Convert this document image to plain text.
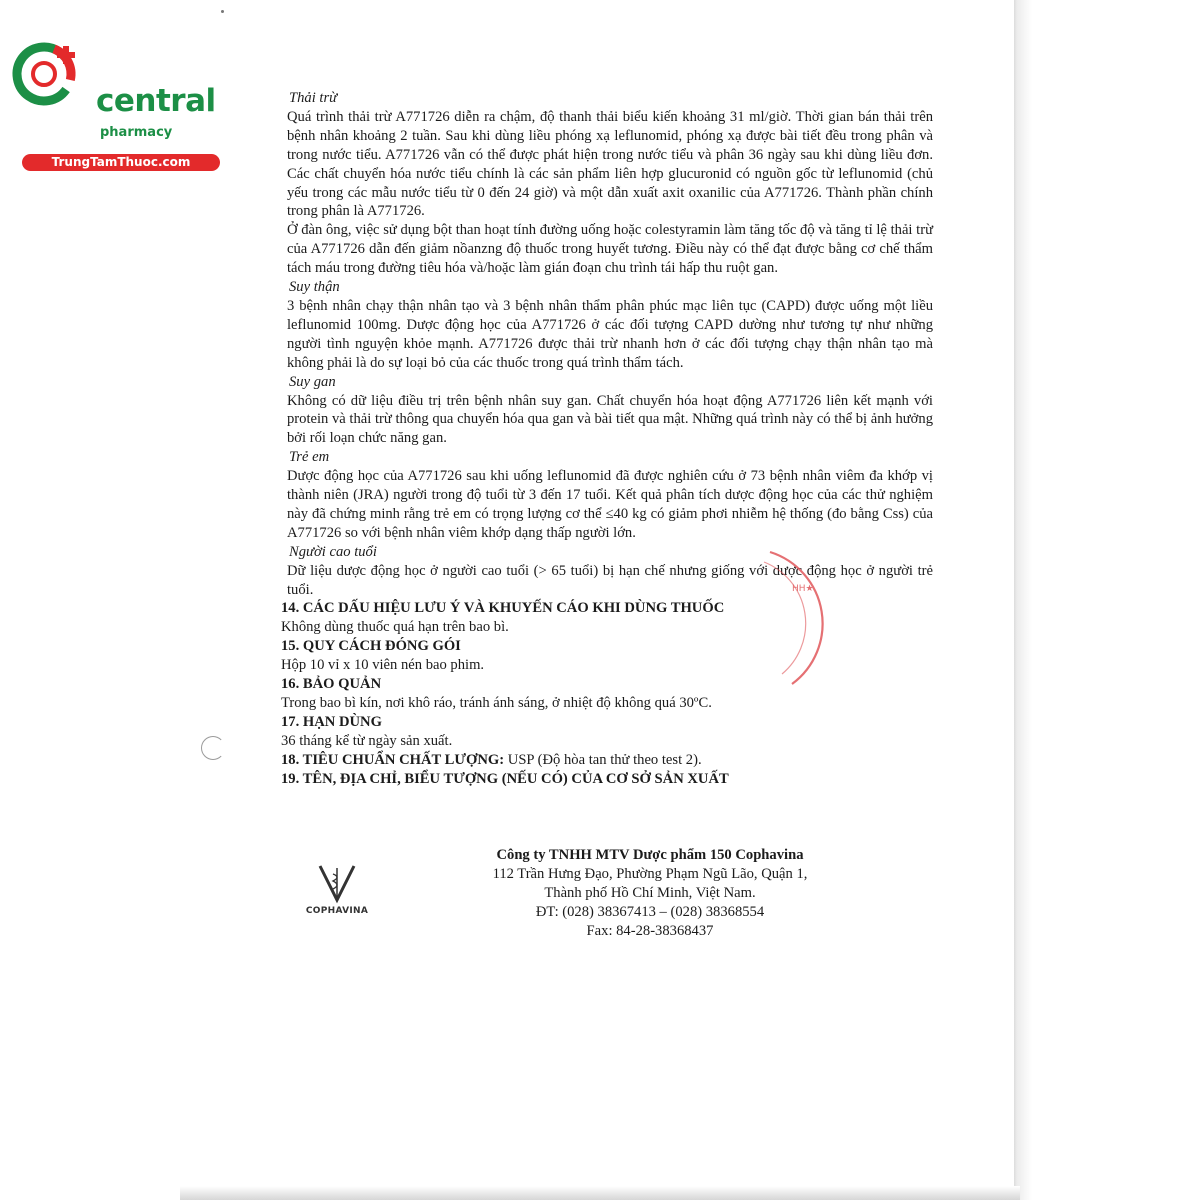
central
pharmacy
TrungTamThuoc.com
Thải trừ
Quá trình thải trừ A771726 diễn ra chậm, độ thanh thải biểu kiến khoảng 31 ml/giờ. Thời gian bán thải trên bệnh nhân khoảng 2 tuần. Sau khi dùng liều phóng xạ leflunomid, phóng xạ được bài tiết đều trong phân và trong nước tiểu. A771726 vẫn có thể được phát hiện trong nước tiểu và phân 36 ngày sau khi dùng liều đơn. Các chất chuyển hóa nước tiểu chính là các sản phẩm liên hợp glucuronid có nguồn gốc từ leflunomid (chủ yếu trong các mẫu nước tiểu từ 0 đến 24 giờ) và một dẫn xuất axit oxanilic của A771726. Thành phần chính trong phân là A771726.
Ở đàn ông, việc sử dụng bột than hoạt tính đường uống hoặc colestyramin làm tăng tốc độ và tăng tỉ lệ thải trừ của A771726 dẫn đến giảm nồanzng độ thuốc trong huyết tương. Điều này có thể đạt được bằng cơ chế thẩm tách máu trong đường tiêu hóa và/hoặc làm gián đoạn chu trình tái hấp thu ruột gan.
Suy thận
3 bệnh nhân chạy thận nhân tạo và 3 bệnh nhân thẩm phân phúc mạc liên tục (CAPD) được uống một liều leflunomid 100mg. Dược động học của A771726 ở các đối tượng CAPD dường như tương tự như những người tình nguyện khỏe mạnh. A771726 được thải trừ nhanh hơn ở các đối tượng chạy thận nhân tạo mà không phải là do sự loại bỏ của các thuốc trong quá trình thẩm tách.
Suy gan
Không có dữ liệu điều trị trên bệnh nhân suy gan. Chất chuyển hóa hoạt động A771726 liên kết mạnh với protein và thải trừ thông qua chuyển hóa qua gan và bài tiết qua mật. Những quá trình này có thể bị ảnh hưởng bởi rối loạn chức năng gan.
Trẻ em
Dược động học của A771726 sau khi uống leflunomid đã được nghiên cứu ở 73 bệnh nhân viêm đa khớp vị thành niên (JRA) người trong độ tuổi từ 3 đến 17 tuổi. Kết quả phân tích dược động học của các thử nghiệm này đã chứng minh rằng trẻ em có trọng lượng cơ thể ≤40 kg có giảm phơi nhiễm hệ thống (đo bằng Css) của A771726 so với bệnh nhân viêm khớp dạng thấp người lớn.
Người cao tuổi
Dữ liệu dược động học ở người cao tuổi (> 65 tuổi) bị hạn chế nhưng giống với dược động học ở người trẻ tuổi.
14. CÁC DẤU HIỆU LƯU Ý VÀ KHUYẾN CÁO KHI DÙNG THUỐC
Không dùng thuốc quá hạn trên bao bì.
15. QUY CÁCH ĐÓNG GÓI
Hộp 10 vỉ x 10 viên nén bao phim.
16. BẢO QUẢN
Trong bao bì kín, nơi khô ráo, tránh ánh sáng, ở nhiệt độ không quá 30ºC.
17. HẠN DÙNG
36 tháng kể từ ngày sản xuất.
18. TIÊU CHUẨN CHẤT LƯỢNG: USP (Độ hòa tan thử theo test 2).
19. TÊN, ĐỊA CHỈ, BIỂU TƯỢNG (NẾU CÓ) CỦA CƠ SỞ SẢN XUẤT
HH★
COPHAVINA
Công ty TNHH MTV Dược phẩm 150 Cophavina
112 Trần Hưng Đạo, Phường Phạm Ngũ Lão, Quận 1,
Thành phố Hồ Chí Minh, Việt Nam.
ĐT: (028) 38367413 – (028) 38368554
Fax: 84-28-38368437
